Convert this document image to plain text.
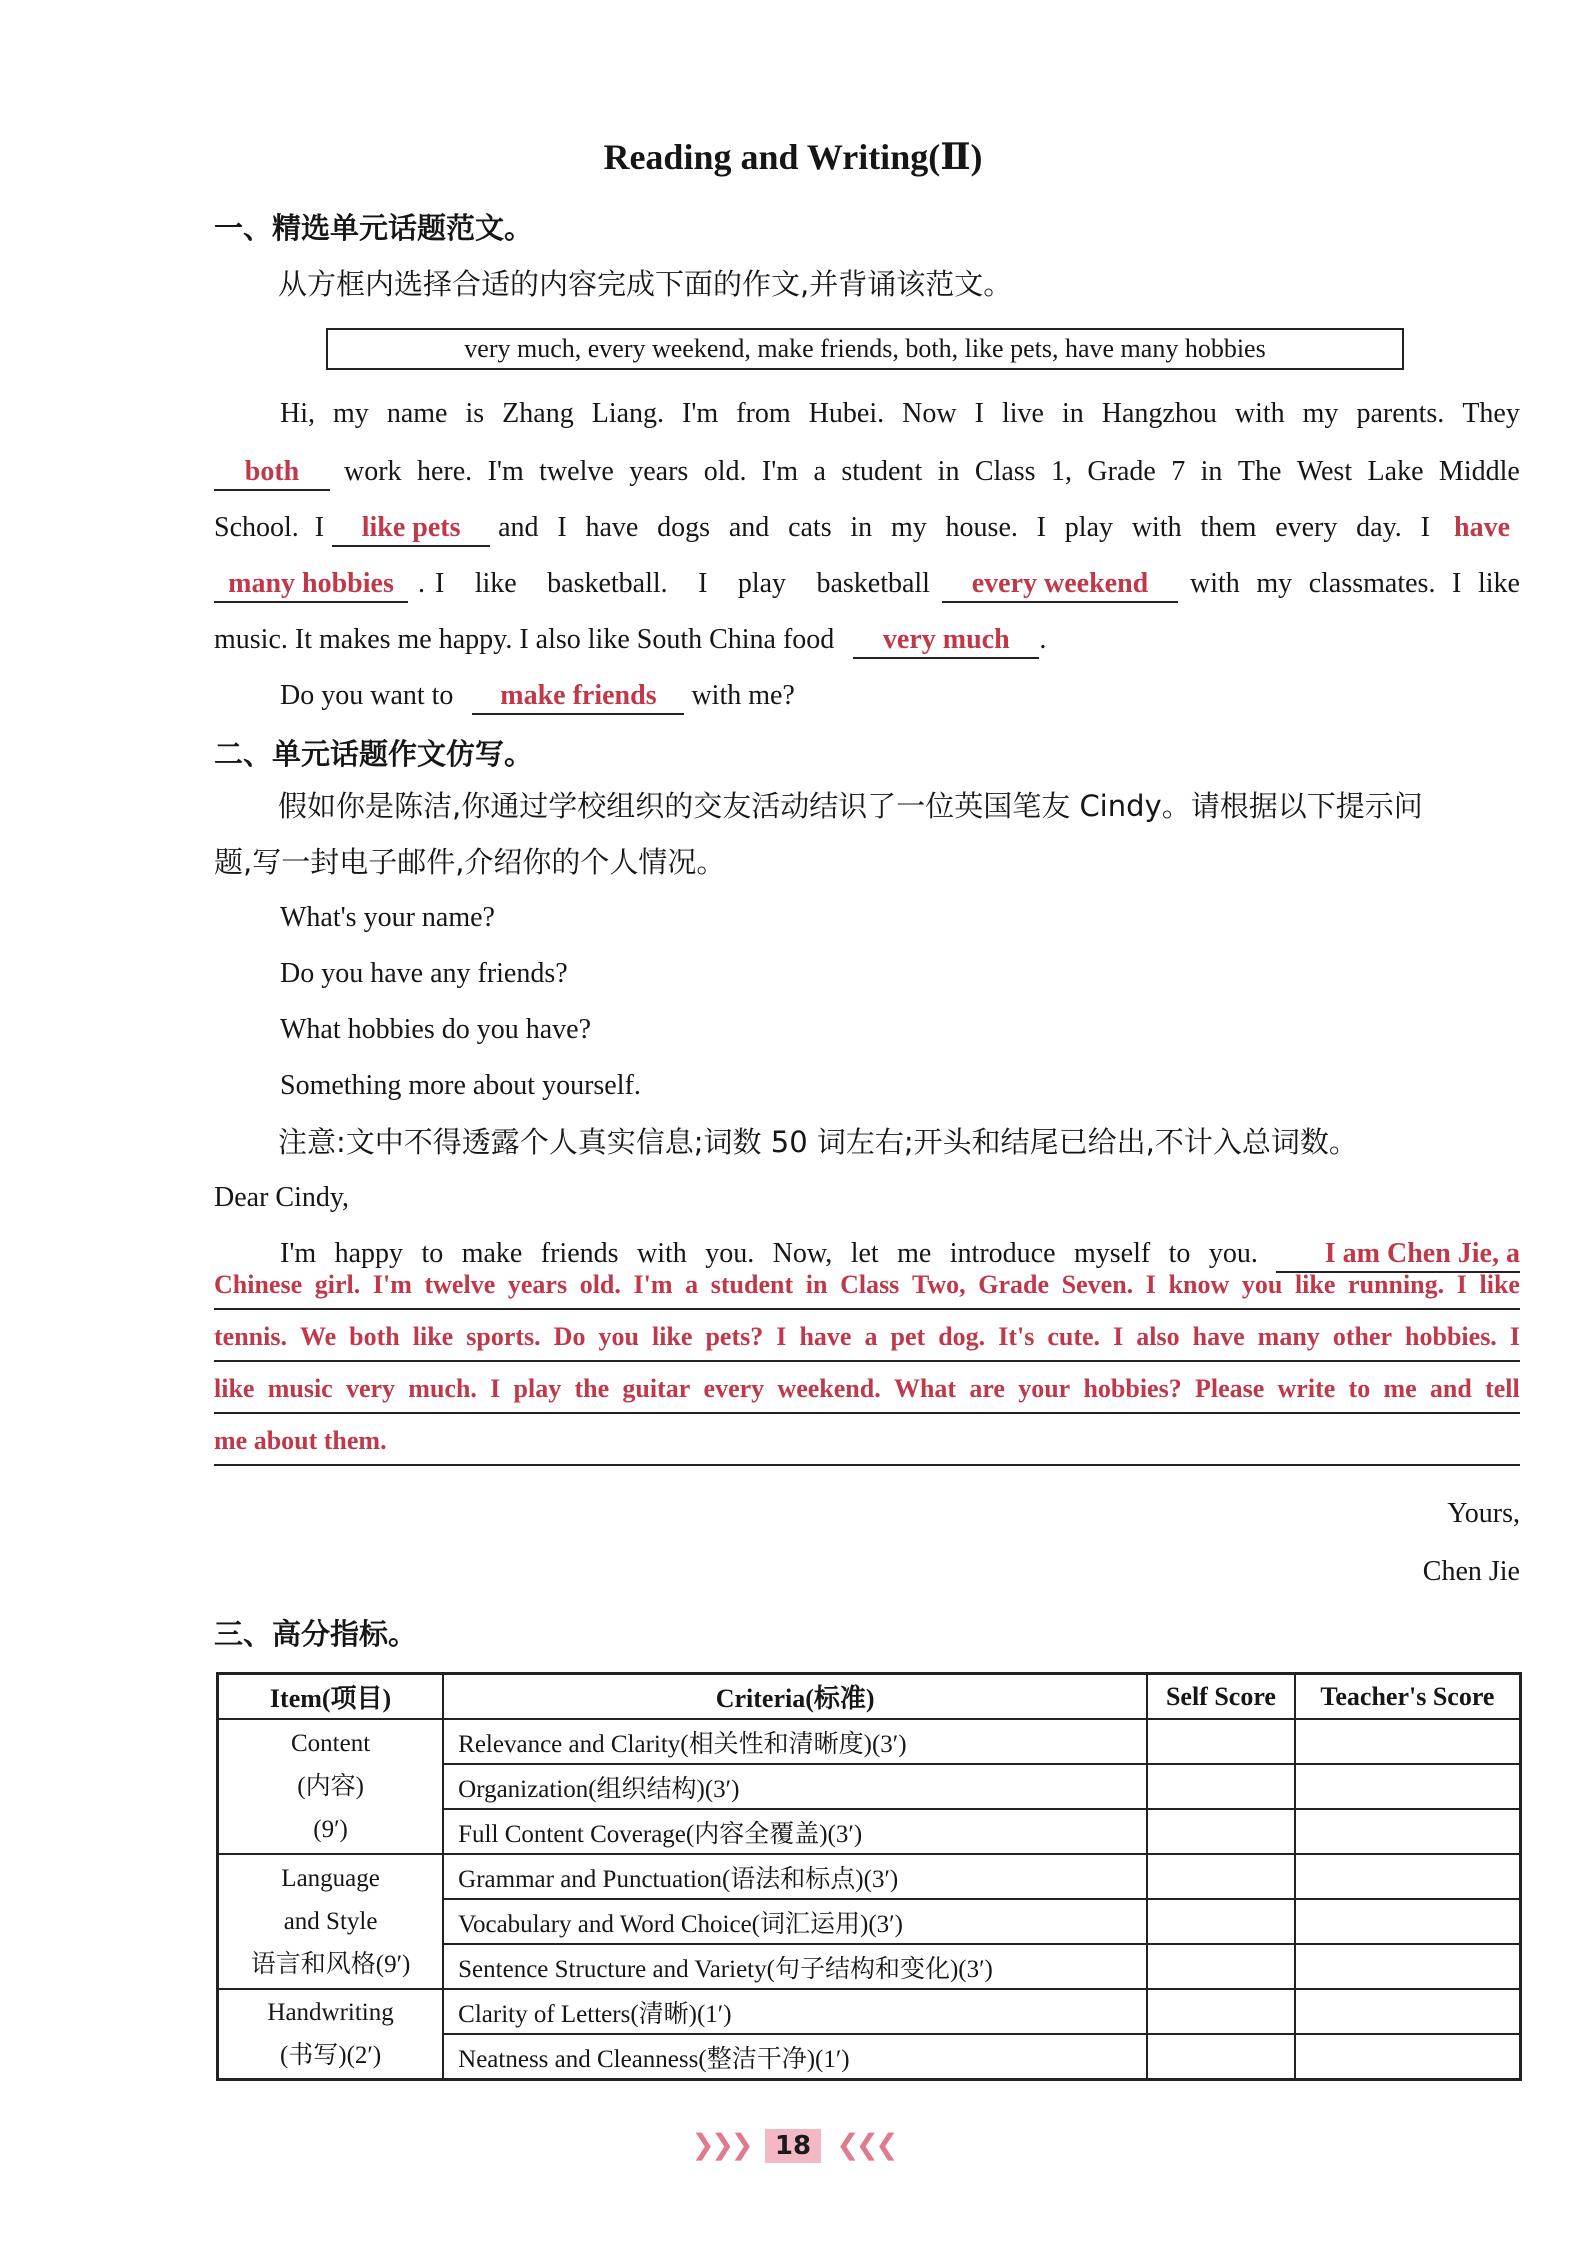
Reading and Writing(Ⅱ)
一、精选单元话题范文。
从方框内选择合适的内容完成下面的作文,并背诵该范文。
very much, every weekend, make friends, both, like pets, have many hobbies
Hi, my name is Zhang Liang. I'm from Hubei. Now I live in Hangzhou with my parents. They
both	work here. I'm twelve years old. I'm a student in Class 1, Grade 7 in The West Lake Middle
School. I	like pets	and I have dogs and cats in my house. I play with them every day. I have
many hobbies . I like basketball. I play basketball	every weekend	with my classmates. I like
music. It makes me happy. I also like South China food very much .
Do you want to make friends with me?
二、单元话题作文仿写。
假如你是陈洁,你通过学校组织的交友活动结识了一位英国笔友 Cindy。请根据以下提示问
题,写一封电子邮件,介绍你的个人情况。
What's your name?
Do you have any friends?
What hobbies do you have?
Something more about yourself.
注意:文中不得透露个人真实信息;词数 50 词左右;开头和结尾已给出,不计入总词数。
Dear Cindy,
I'm happy to make friends with you. Now, let me introduce myself to you.	I am Chen Jie, a
Chinese girl. I'm twelve years old. I'm a student in Class Two, Grade Seven. I know you like running. I like
tennis. We both like sports. Do you like pets? I have a pet dog. It's cute. I also have many other hobbies. I
like music very much. I play the guitar every weekend. What are your hobbies? Please write to me and tell
me about them.
Yours,
Chen Jie
三、高分指标。
Item(项目)	Criteria(标准)	Self Score	Teacher's Score

Content
(内容)
(9′)	Relevance and Clarity(相关性和清晰度)(3′)		
	Organization(组织结构)(3′)		
	Full Content Coverage(内容全覆盖)(3′)		

Language
and Style
语言和风格(9′)	Grammar and Punctuation(语法和标点)(3′)		
	Vocabulary and Word Choice(词汇运用)(3′)		
	Sentence Structure and Variety(句子结构和变化)(3′)		

Handwriting
(书写)(2′)	Clarity of Letters(清晰)(1′)		
	Neatness and Cleanness(整洁干净)(1′)		
❯❯❯ 18 ❮❮❮
